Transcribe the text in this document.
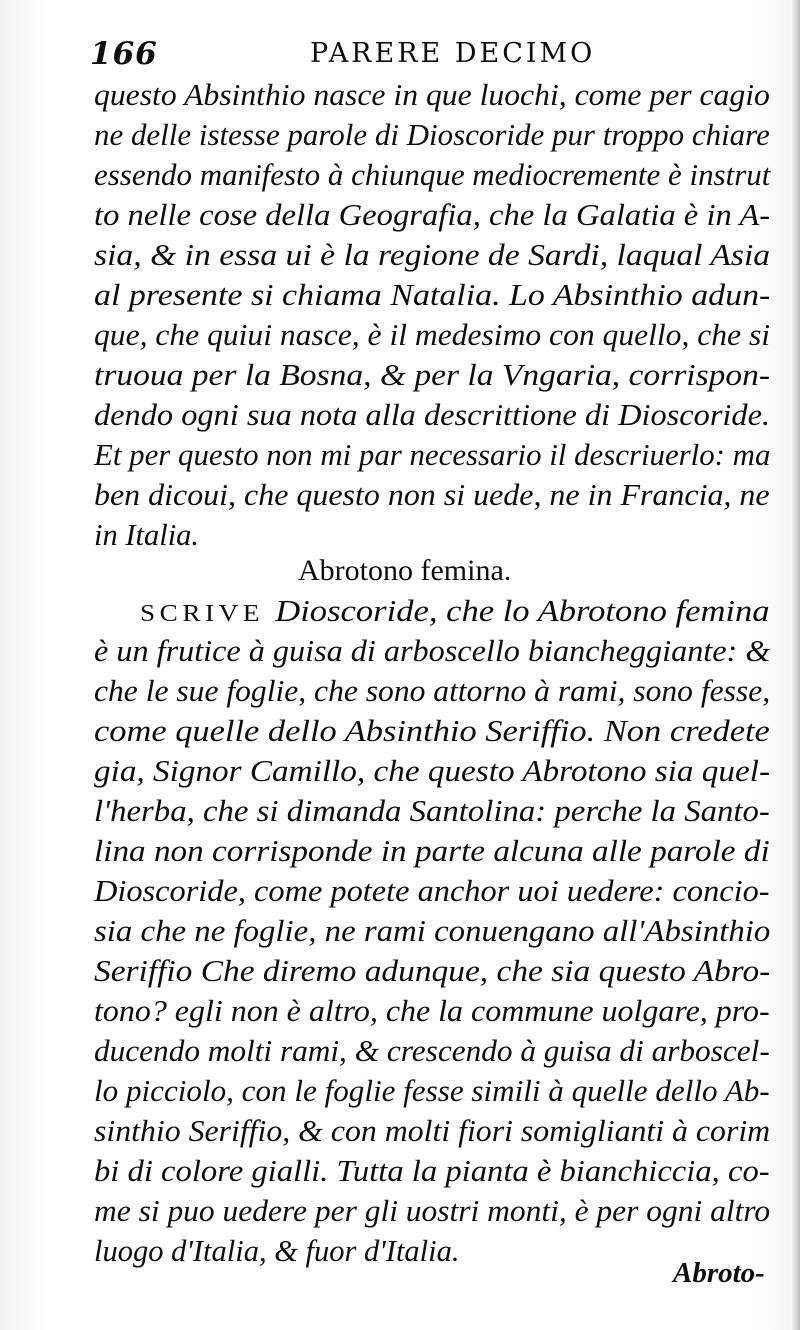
166	PARERE DECIMO
questo Absinthio nasce in que luochi, come per cagio
ne delle istesse parole di Dioscoride pur troppo chiare
essendo manifesto à chiunque mediocremente è instrut
to nelle cose della Geografia, che la Galatia è in A-
sia, & in essa ui è la regione de Sardi, laqual Asia
al presente si chiama Natalia. Lo Absinthio adun-
que, che quiui nasce, è il medesimo con quello, che si
truoua per la Bosna, & per la Vngaria, corrispon-
dendo ogni sua nota alla descrittione di Dioscoride.
Et per questo non mi par necessario il descriuerlo: ma
ben dicoui, che questo non si uede, ne in Francia, ne
in Italia.
Abrotono femina.
SCRIVE Dioscoride, che lo Abrotono femina
è un frutice à guisa di arboscello biancheggiante: &
che le sue foglie, che sono attorno à rami, sono fesse,
come quelle dello Absinthio Seriffio. Non credete
gia, Signor Camillo, che questo Abrotono sia quel-
l'herba, che si dimanda Santolina: perche la Santo-
lina non corrisponde in parte alcuna alle parole di
Dioscoride, come potete anchor uoi uedere: concio-
sia che ne foglie, ne rami conuengano all'Absinthio
Seriffio Che diremo adunque, che sia questo Abro-
tono? egli non è altro, che la commune uolgare, pro-
ducendo molti rami, & crescendo à guisa di arboscel-
lo picciolo, con le foglie fesse simili à quelle dello Ab-
sinthio Seriffio, & con molti fiori somiglianti à corim
bi di colore gialli. Tutta la pianta è bianchiccia, co-
me si puo uedere per gli uostri monti, è per ogni altro
luogo d'Italia, & fuor d'Italia.
Abroto-
